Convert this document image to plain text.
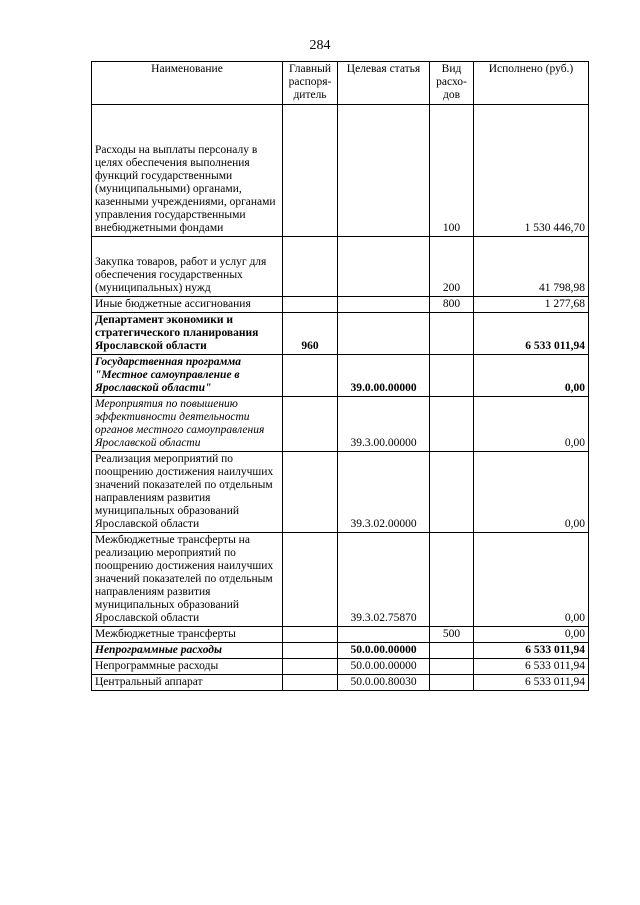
284
Наименование	Главный распоря-дитель	Целевая статья	Вид расхо-дов	Исполнено (руб.)
Расходы на выплаты персоналу в целях обеспечения выполнения функций государственными (муниципальными) органами, казенными учреждениями, органами управления государственными внебюджетными фондами			100	1 530 446,70
Закупка товаров, работ и услуг для обеспечения государственных (муниципальных) нужд			200	41 798,98
Иные бюджетные ассигнования			800	1 277,68
Департамент экономики и стратегического планирования Ярославской области	960			6 533 011,94
Государственная программа "Местное самоуправление в Ярославской области"		39.0.00.00000		0,00
Мероприятия по повышению эффективности деятельности органов местного самоуправления Ярославской области		39.3.00.00000		0,00
Реализация мероприятий по поощрению достижения наилучших значений показателей по отдельным направлениям развития муниципальных образований Ярославской области		39.3.02.00000		0,00
Межбюджетные трансферты на реализацию мероприятий по поощрению достижения наилучших значений показателей по отдельным направлениям развития муниципальных образований Ярославской области		39.3.02.75870		0,00
Межбюджетные трансферты			500	0,00
Непрограммные расходы		50.0.00.00000		6 533 011,94
Непрограммные расходы		50.0.00.00000		6 533 011,94
Центральный аппарат		50.0.00.80030		6 533 011,94
